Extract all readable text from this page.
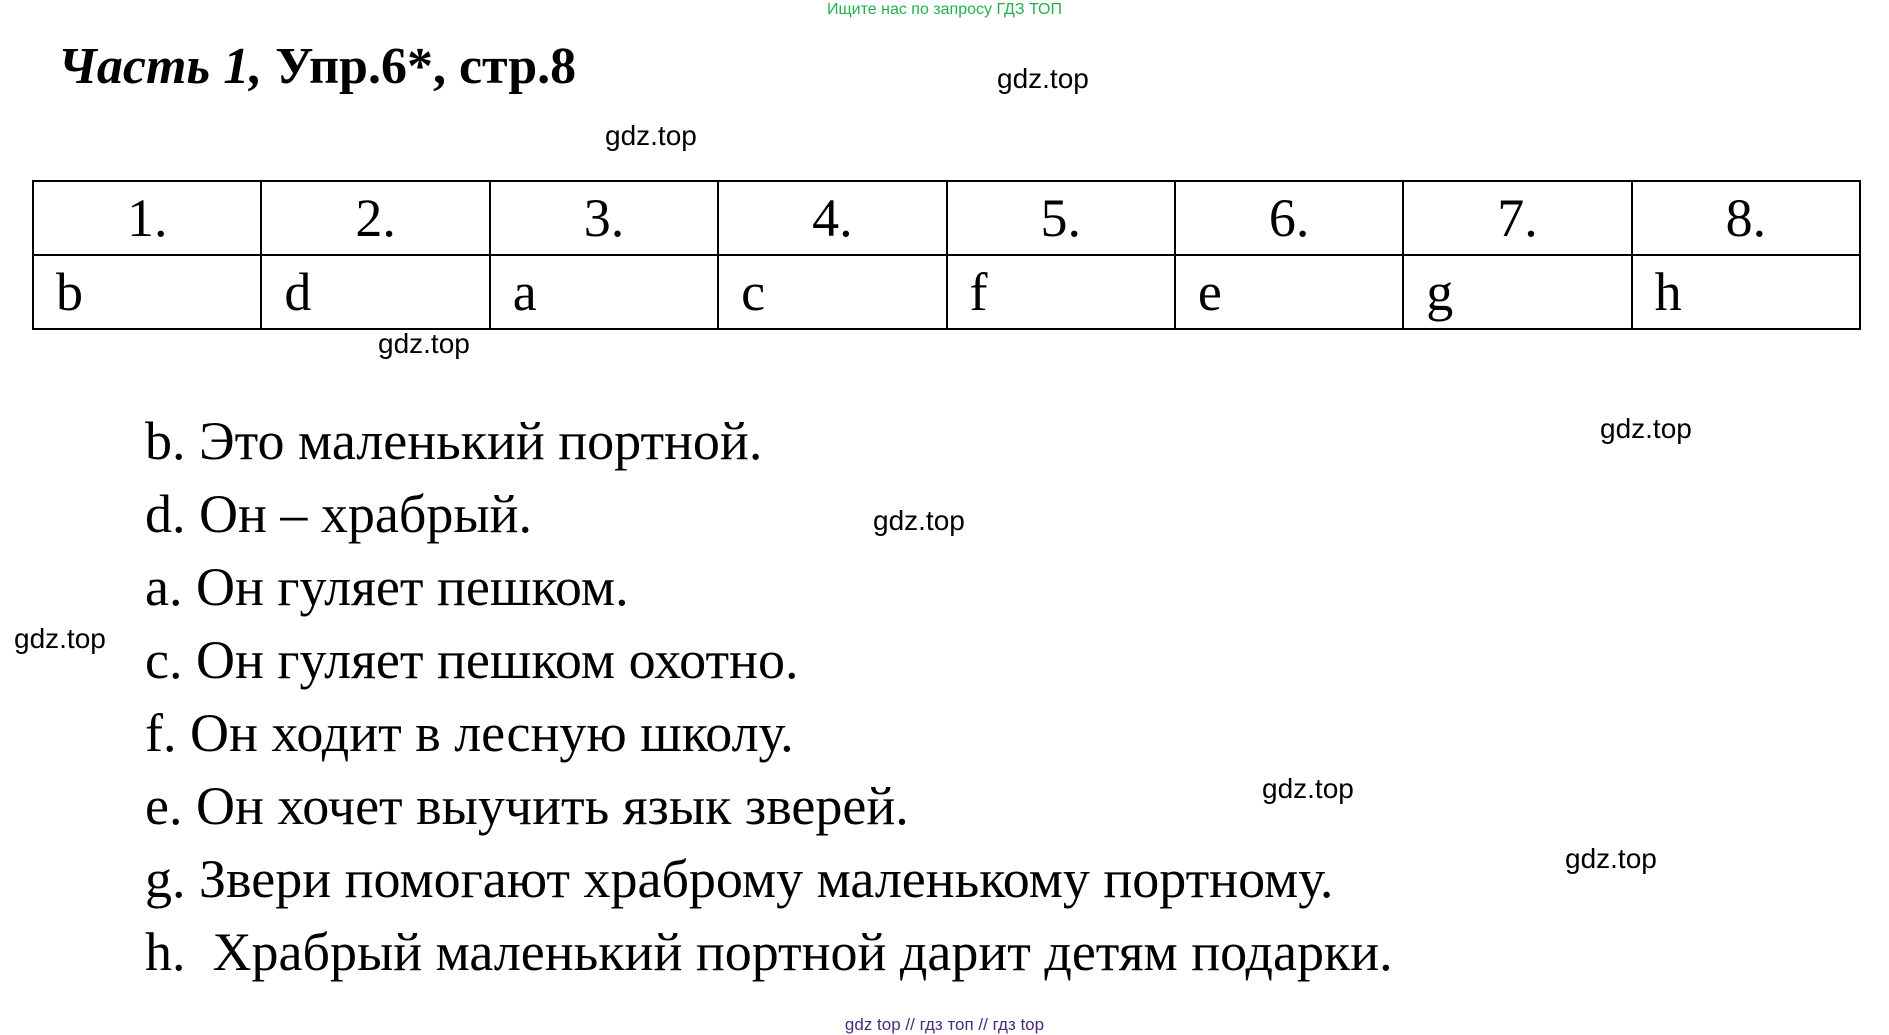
Ищите нас по запросу ГДЗ ТОП
Часть 1, Упр.6*, стр.8	gdz.top
gdz.top
gdz.top
gdz.top
gdz.top
gdz.top
gdz.top
gdz.top
1.	2.	3.	4.	5.	6.	7.	8.
b	d	a	c	f	e	g	h
b. Это маленький портной.
d. Он – храбрый.
a. Он гуляет пешком.
c. Он гуляет пешком охотно.
f. Он ходит в лесную школу.
e. Он хочет выучить язык зверей.
g. Звери помогают храброму маленькому портному.
h.  Храбрый маленький портной дарит детям подарки.
gdz top // гдз топ // гдз top
